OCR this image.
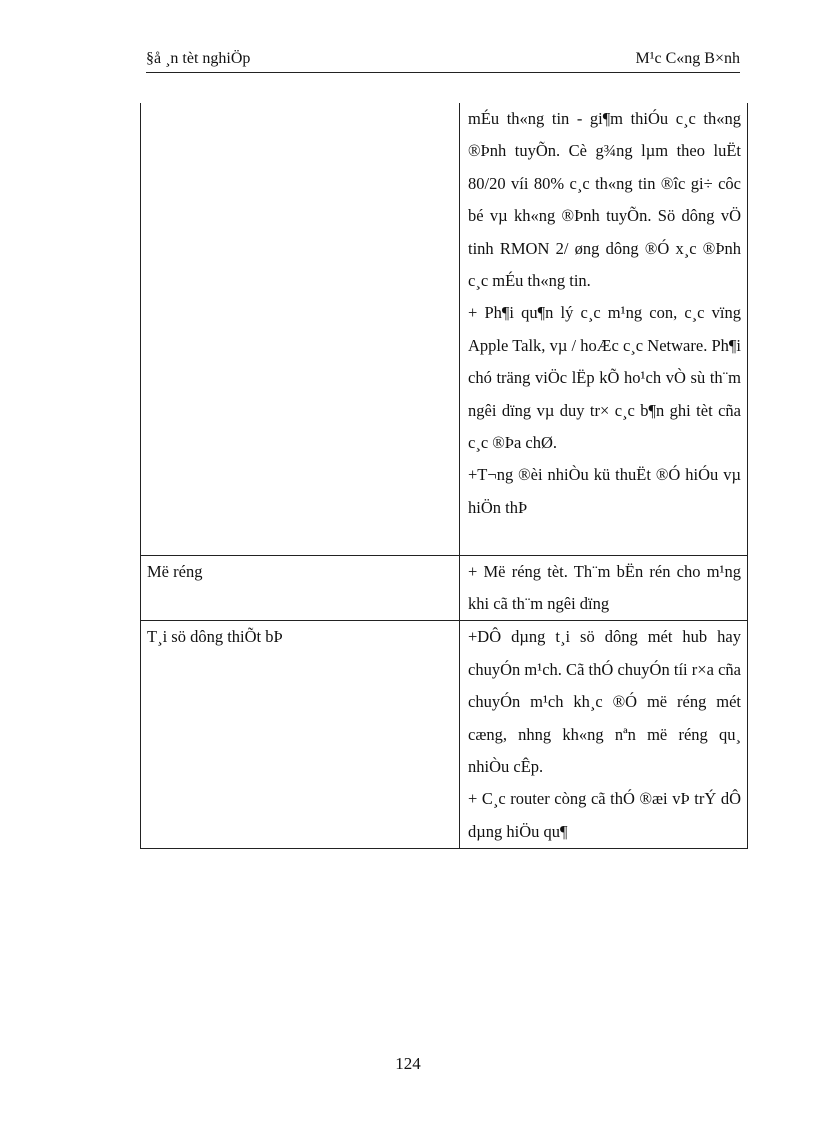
§å ¸n tèt nghiÖp	M¹c C«ng B×nh

	mÉu th«ng tin - gi¶m thiÓu c¸c th«ng ®Þnh tuyÕn. Cè g¾ng lµm theo luËt 80/20 víi 80% c¸c th«ng tin ®îc gi÷ côc bé vµ kh«ng ®Þnh tuyÕn. Sö dông vÖ tinh RMON 2/ øng dông ®Ó x¸c ®Þnh c¸c mÉu th«ng tin.

+ Ph¶i qu¶n lý c¸c m¹ng con, c¸c vïng Apple Talk, vµ / hoÆc c¸c Netware. Ph¶i chó träng viÖc lËp kÕ ho¹ch vÒ sù th¨m ngêi dïng vµ duy tr× c¸c b¶n ghi tèt cña c¸c ®Þa chØ.

+T¬ng ®èi nhiÒu kü thuËt ®Ó hiÓu vµ hiÖn thÞ

Më réng	+ Më réng tèt. Th¨m bËn rén cho m¹ng khi cã th¨m ngêi dïng

T¸i sö dông thiÕt bÞ	+DÔ dµng t¸i sö dông mét hub hay chuyÓn m¹ch. Cã thÓ chuyÓn tíi r×a cña chuyÓn m¹ch kh¸c ®Ó më réng mét cæng, nhng kh«ng nªn më réng qu¸ nhiÒu cÊp.

+ C¸c router còng cã thÓ ®æi vÞ trÝ dÔ dµng hiÖu qu¶

124
